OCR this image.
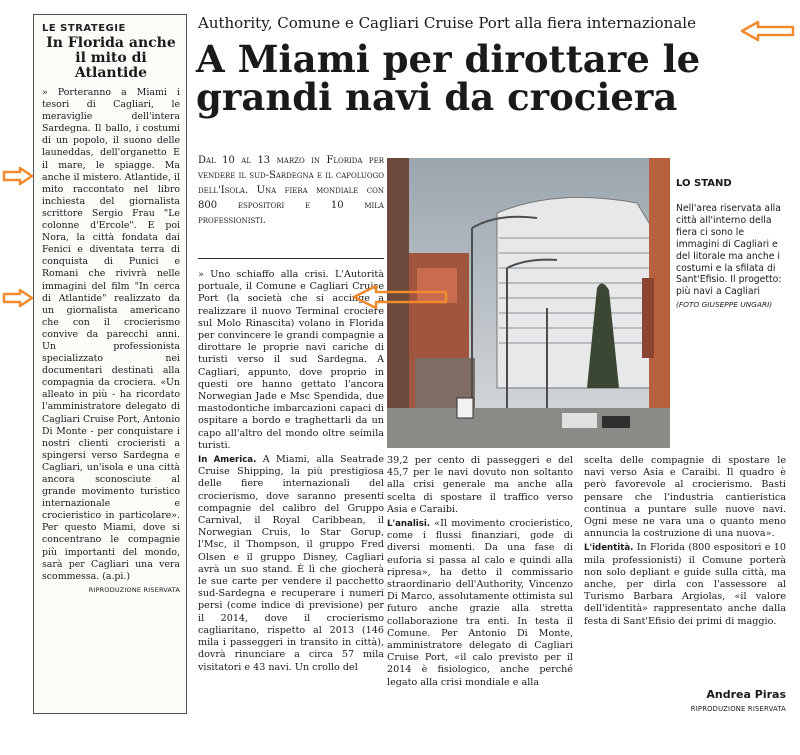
LE STRATEGIE
In Florida anche il mito di Atlantide

» Porteranno a Miami i tesori di Cagliari, le meraviglie dell'intera Sardegna. Il ballo, i costumi di un popolo, il suono delle launeddas, dell'organetto E il mare, le spiagge. Ma anche il mistero. Atlantide, il mito raccontato nel libro inchiesta del giornalista scrittore Sergio Frau "Le colonne d'Ercole". E poi Nora, la città fondata dai Fenici e diventata terra di conquista di Punici e Romani che rivivrà nelle immagini del film "In cerca di Atlantide" realizzato da un giornalista americano che con il crocierismo convive da parecchi anni. Un professionista specializzato nei documentari destinati alla compagnia da crociera. «Un alleato in più - ha ricordato l'amministratore delegato di Cagliari Cruise Port, Antonio Di Monte - per conquistare i nostri clienti crocieristi a spingersi verso Sardegna e Cagliari, un'isola e una città ancora sconosciute al grande movimento turistico internazionale e crocieristico in particolare». Per questo Miami, dove si concentrano le compagnie più importanti del mondo, sarà per Cagliari una vera scommessa. (a.pi.)

RIPRODUZIONE RISERVATA
Authority, Comune e Cagliari Cruise Port alla fiera internazionale
A Miami per dirottare le grandi navi da crociera
Dal 10 al 13 marzo in Florida per vendere il sud-Sardegna e il capoluogo dell'Isola. Una fiera mondiale con 800 espositori e 10 mila professionisti.

» Uno schiaffo alla crisi. L'Autorità portuale, il Comune e Cagliari Cruise Port (la società che si accinge a realizzare il nuovo Terminal crociere sul Molo Rinascita) volano in Florida per convincere le grandi compagnie a dirottare le proprie navi cariche di turisti verso il sud Sardegna. A Cagliari, appunto, dove proprio in questi ore hanno gettato l'ancora Norwegian Jade e Msc Spendida, due mastodontiche imbarcazioni capaci di ospitare a bordo e traghettarli da un capo all'altro del mondo oltre seimila turisti.

In America. A Miami, alla Seatrade Cruise Shipping, la più prestigiosa delle fiere internazionali del crocierismo, dove saranno presenti compagnie del calibro del Gruppo Carnival, il Royal Caribbean, il Norwegian Cruis, lo Star Gorup, l'Msc, il Thompson, il gruppo Fred Olsen e il gruppo Disney, Cagliari avrà un suo stand. È lì che giocherà le sue carte per vendere il pacchetto sud-Sardegna e recuperare i numeri persi (come indice di previsione) per il 2014, dove il crocierismo cagliaritano, rispetto al 2013 (146 mila i passeggeri in transito in città), dovrà rinunciare a circa 57 mila visitatori e 43 navi. Un crollo del

LO STAND
Nell'area riservata alla città all'interno della fiera ci sono le immagini di Cagliari e del litorale ma anche i costumi e la sfilata di Sant'Efisio. Il progetto: più navi a Cagliari
(FOTO GIUSEPPE UNGARI)

39,2 per cento di passeggeri e del 45,7 per le navi dovuto non soltanto alla crisi generale ma anche alla scelta di spostare il traffico verso Asia e Caraibi.

L'analisi. «Il movimento crocieristico, come i flussi finanziari, gode di diversi momenti. Da una fase di euforia si passa al calo e quindi alla ripresa», ha detto il commissario straordinario dell'Authority, Vincenzo Di Marco, assolutamente ottimista sul futuro anche grazie alla stretta collaborazione tra enti. In testa il Comune. Per Antonio Di Monte, amministratore delegato di Cagliari Cruise Port, «il calo previsto per il 2014 è fisiologico, anche perché legato alla crisi mondiale e alla

scelta delle compagnie di spostare le navi verso Asia e Caraibi. Il quadro è però favorevole al crocierismo. Basti pensare che l'industria cantieristica continua a puntare sulle nuove navi. Ogni mese ne vara una o quanto meno annuncia la costruzione di una nuova».

L'identità. In Florida (800 espositori e 10 mila professionisti) il Comune porterà non solo depliant e guide sulla città, ma anche, per dirla con l'assessore al Turismo Barbara Argiolas, «il valore dell'identità» rappresentato anche dalla festa di Sant'Efisio dei primi di maggio.

Andrea Piras
RIPRODUZIONE RISERVATA
